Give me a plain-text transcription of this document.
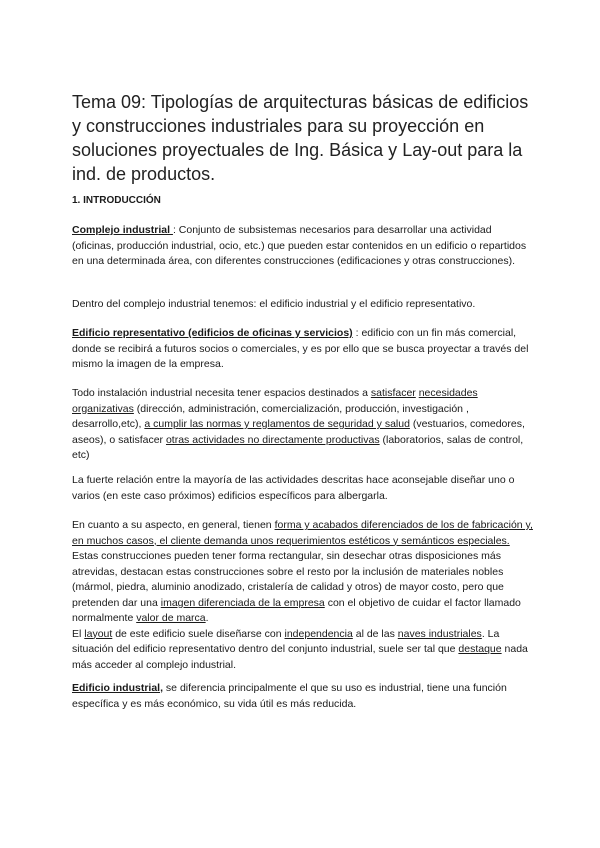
Tema 09: Tipologías de arquitecturas básicas de edificios y construcciones industriales para su proyección en soluciones proyectuales de Ing. Básica y Lay-out para la ind. de productos.
1. INTRODUCCIÓN

Complejo industrial : Conjunto de subsistemas necesarios para desarrollar una actividad (oficinas, producción industrial, ocio, etc.) que pueden estar contenidos en un edificio o repartidos en una determinada área, con diferentes construcciones (edificaciones y otras construcciones).

Dentro del complejo industrial tenemos: el edificio industrial y el edificio representativo.

Edificio representativo (edificios de oficinas y servicios) : edificio con un fin más comercial, donde se recibirá a futuros socios o comerciales, y es por ello que se busca proyectar a través del mismo la imagen de la empresa.

Todo instalación industrial necesita tener espacios destinados a satisfacer necesidades organizativas (dirección, administración, comercialización, producción, investigación , desarrollo,etc), a cumplir las normas y reglamentos de seguridad y salud (vestuarios, comedores, aseos), o satisfacer otras actividades no directamente productivas (laboratorios, salas de control, etc)

La fuerte relación entre la mayoría de las actividades descritas hace aconsejable diseñar uno o varios (en este caso próximos) edificios específicos para albergarla.

En cuanto a su aspecto, en general, tienen forma y acabados diferenciados de los de fabricación y, en muchos casos, el cliente demanda unos requerimientos estéticos y semánticos especiales. Estas construcciones pueden tener forma rectangular, sin desechar otras disposiciones más atrevidas, destacan estas construcciones sobre el resto por la inclusión de materiales nobles (mármol, piedra, aluminio anodizado, cristalería de calidad y otros) de mayor costo, pero que pretenden dar una imagen diferenciada de la empresa con el objetivo de cuidar el factor llamado normalmente valor de marca.
El layout de este edificio suele diseñarse con independencia al de las naves industriales. La situación del edificio representativo dentro del conjunto industrial, suele ser tal que destaque nada más acceder al complejo industrial.

Edificio industrial, se diferencia principalmente el que su uso es industrial, tiene una función específica y es más económico, su vida útil es más reducida.
